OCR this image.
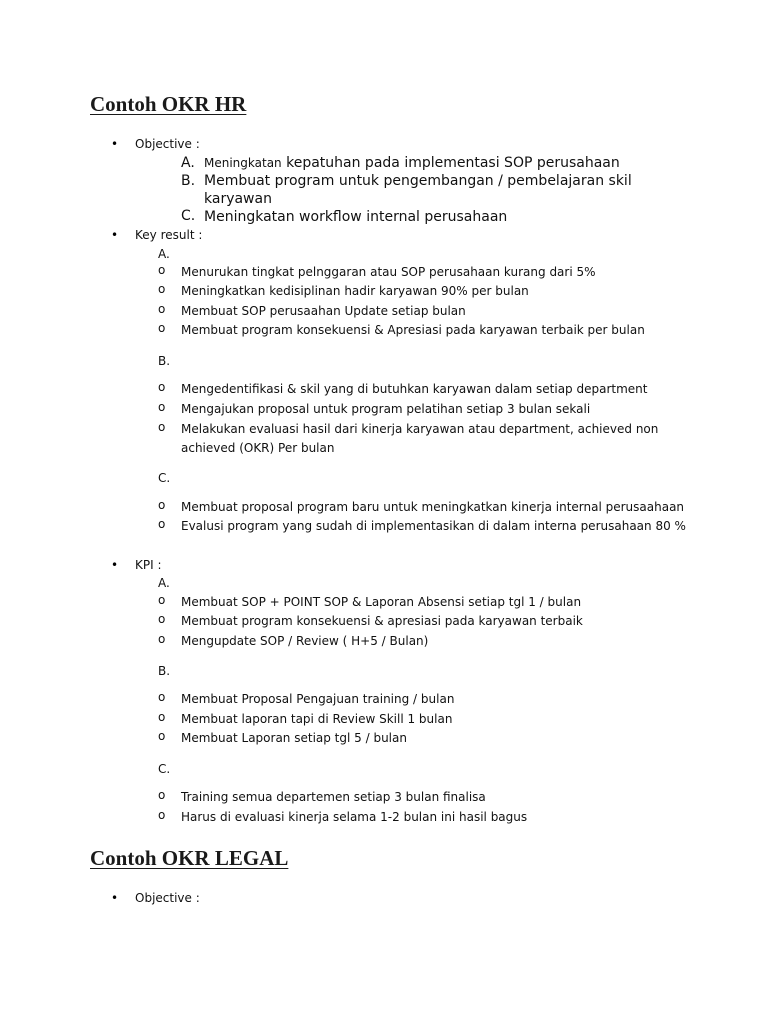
Contoh OKR HR
• Objective :
A. Meningkatan kepatuhan pada implementasi SOP perusahaan
B. Membuat program untuk pengembangan / pembelajaran skil karyawan
C. Meningkatan workflow internal perusahaan
• Key result :
A.
o Menurukan tingkat pelnggaran atau SOP perusahaan kurang dari 5%
o Meningkatkan kedisiplinan hadir karyawan 90% per bulan
o Membuat SOP perusaahan Update setiap bulan
o Membuat program konsekuensi & Apresiasi pada karyawan terbaik per bulan
B.
o Mengedentifikasi & skil yang di butuhkan karyawan dalam setiap department
o Mengajukan proposal untuk program pelatihan setiap 3 bulan sekali
o Melakukan evaluasi hasil dari kinerja karyawan atau department, achieved non achieved (OKR) Per bulan
C.
o Membuat proposal program baru untuk meningkatkan kinerja internal perusaahaan
o Evalusi program yang sudah di implementasikan di dalam interna perusahaan 80 %
• KPI :
A.
o Membuat SOP + POINT SOP & Laporan Absensi setiap tgl 1 / bulan
o Membuat program konsekuensi & apresiasi pada karyawan terbaik
o Mengupdate SOP / Review ( H+5 / Bulan)
B.
o Membuat Proposal Pengajuan training / bulan
o Membuat laporan tapi di Review Skill 1 bulan
o Membuat Laporan setiap tgl 5 / bulan
C.
o Training semua departemen setiap 3 bulan finalisa
o Harus di evaluasi kinerja selama 1-2 bulan ini hasil bagus
Contoh OKR LEGAL
• Objective :
